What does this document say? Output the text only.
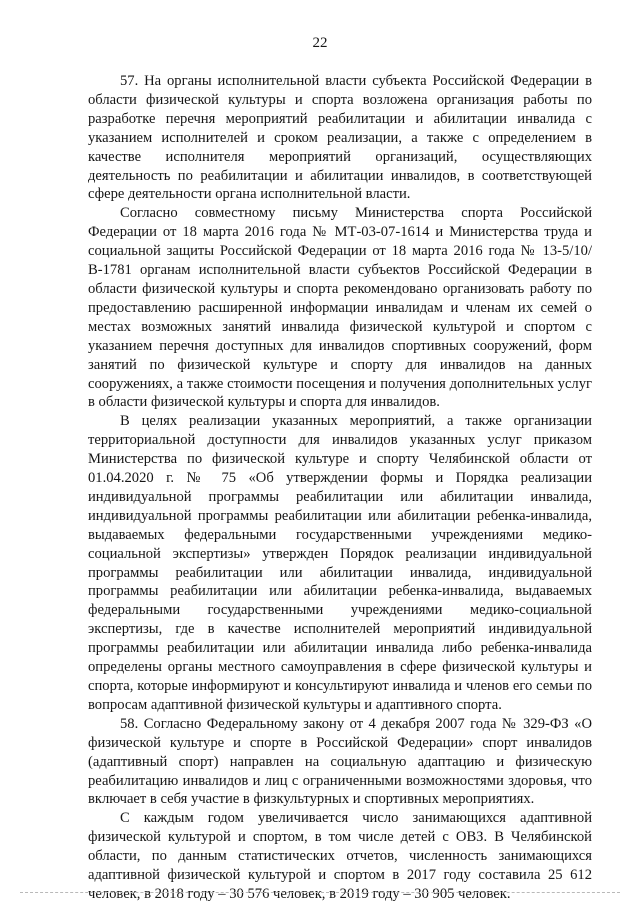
22

57. На органы исполнительной власти субъекта Российской Федерации в области физической культуры и спорта возложена организация работы по разработке перечня мероприятий реабилитации и абилитации инвалида с указанием исполнителей и сроком реализации, а также с определением в качестве исполнителя мероприятий организаций, осуществляющих деятельность по реабилитации и абилитации инвалидов, в соответствующей сфере деятельности органа исполнительной власти.

Согласно совместному письму Министерства спорта Российской Федерации от 18 марта 2016 года № МТ-03-07-1614 и Министерства труда и социальной защиты Российской Федерации от 18 марта 2016 года № 13-5/10/В-1781 органам исполнительной власти субъектов Российской Федерации в области физической культуры и спорта рекомендовано организовать работу по предоставлению расширенной информации инвалидам и членам их семей о местах возможных занятий инвалида физической культурой и спортом с указанием перечня доступных для инвалидов спортивных сооружений, форм занятий по физической культуре и спорту для инвалидов на данных сооружениях, а также стоимости посещения и получения дополнительных услуг в области физической культуры и спорта для инвалидов.

В целях реализации указанных мероприятий, а также организации территориальной доступности для инвалидов указанных услуг приказом Министерства по физической культуре и спорту Челябинской области от 01.04.2020 г. № 75 «Об утверждении формы и Порядка реализации индивидуальной программы реабилитации или абилитации инвалида, индивидуальной программы реабилитации или абилитации ребенка-инвалида, выдаваемых федеральными государственными учреждениями медико-социальной экспертизы» утвержден Порядок реализации индивидуальной программы реабилитации или абилитации инвалида, индивидуальной программы реабилитации или абилитации ребенка-инвалида, выдаваемых федеральными государственными учреждениями медико-социальной экспертизы, где в качестве исполнителей мероприятий индивидуальной программы реабилитации или абилитации инвалида либо ребенка-инвалида определены органы местного самоуправления в сфере физической культуры и спорта, которые информируют и консультируют инвалида и членов его семьи по вопросам адаптивной физической культуры и адаптивного спорта.

58. Согласно Федеральному закону от 4 декабря 2007 года № 329-ФЗ «О физической культуре и спорте в Российской Федерации» спорт инвалидов (адаптивный спорт) направлен на социальную адаптацию и физическую реабилитацию инвалидов и лиц с ограниченными возможностями здоровья, что включает в себя участие в физкультурных и спортивных мероприятиях.

С каждым годом увеличивается число занимающихся адаптивной физической культурой и спортом, в том числе детей с ОВЗ. В Челябинской области, по данным статистических отчетов, численность занимающихся адаптивной физической культурой и спортом в 2017 году составила 25 612 человек, в 2018 году – 30 576 человек, в 2019 году – 30 905 человек.
